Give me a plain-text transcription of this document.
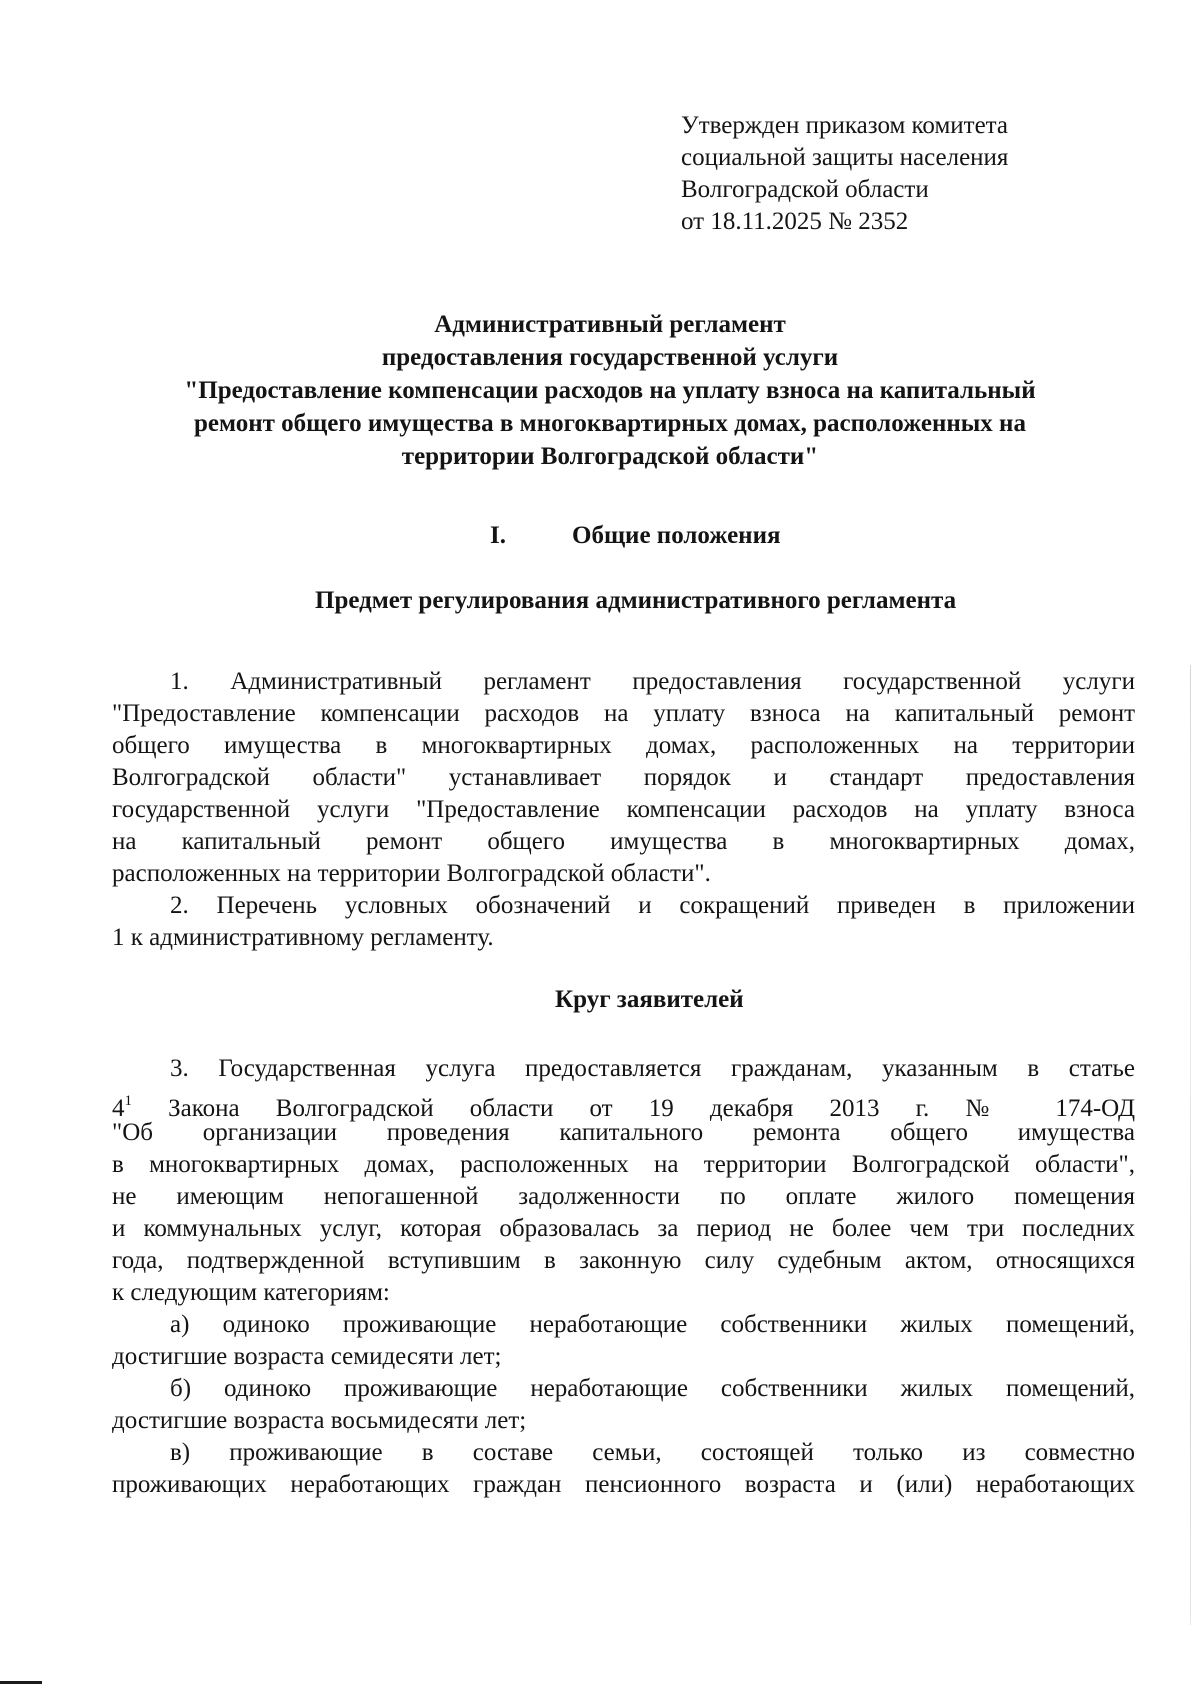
Утвержден приказом комитета
социальной защиты населения
Волгоградской области
от 18.11.2025 № 2352
Административный регламент
предоставления государственной услуги
"Предоставление компенсации расходов на уплату взноса на капитальный
ремонт общего имущества в многоквартирных домах, расположенных на
территории Волгоградской области"
I.	Общие положения
Предмет регулирования административного регламента
1. Административный регламент предоставления государственной услуги
"Предоставление компенсации расходов на уплату взноса на капитальный ремонт
общего имущества в многоквартирных домах, расположенных на территории
Волгоградской области" устанавливает порядок и стандарт предоставления
государственной услуги "Предоставление компенсации расходов на уплату взноса
на капитальный ремонт общего имущества в многоквартирных домах,
расположенных на территории Волгоградской области".
2. Перечень условных обозначений и сокращений приведен в приложении
1 к административному регламенту.
Круг заявителей
3. Государственная услуга предоставляется гражданам, указанным в статье
$4^1$ Закона Волгоградской области от 19 декабря 2013 г. № 174-ОД
"Об организации проведения капитального ремонта общего имущества
в многоквартирных домах, расположенных на территории Волгоградской области",
не имеющим непогашенной задолженности по оплате жилого помещения
и коммунальных услуг, которая образовалась за период не более чем три последних
года, подтвержденной вступившим в законную силу судебным актом, относящихся
к следующим категориям:
а) одиноко проживающие неработающие собственники жилых помещений,
достигшие возраста семидесяти лет;
б) одиноко проживающие неработающие собственники жилых помещений,
достигшие возраста восьмидесяти лет;
в) проживающие в составе семьи, состоящей только из совместно
проживающих неработающих граждан пенсионного возраста и (или) неработающих
